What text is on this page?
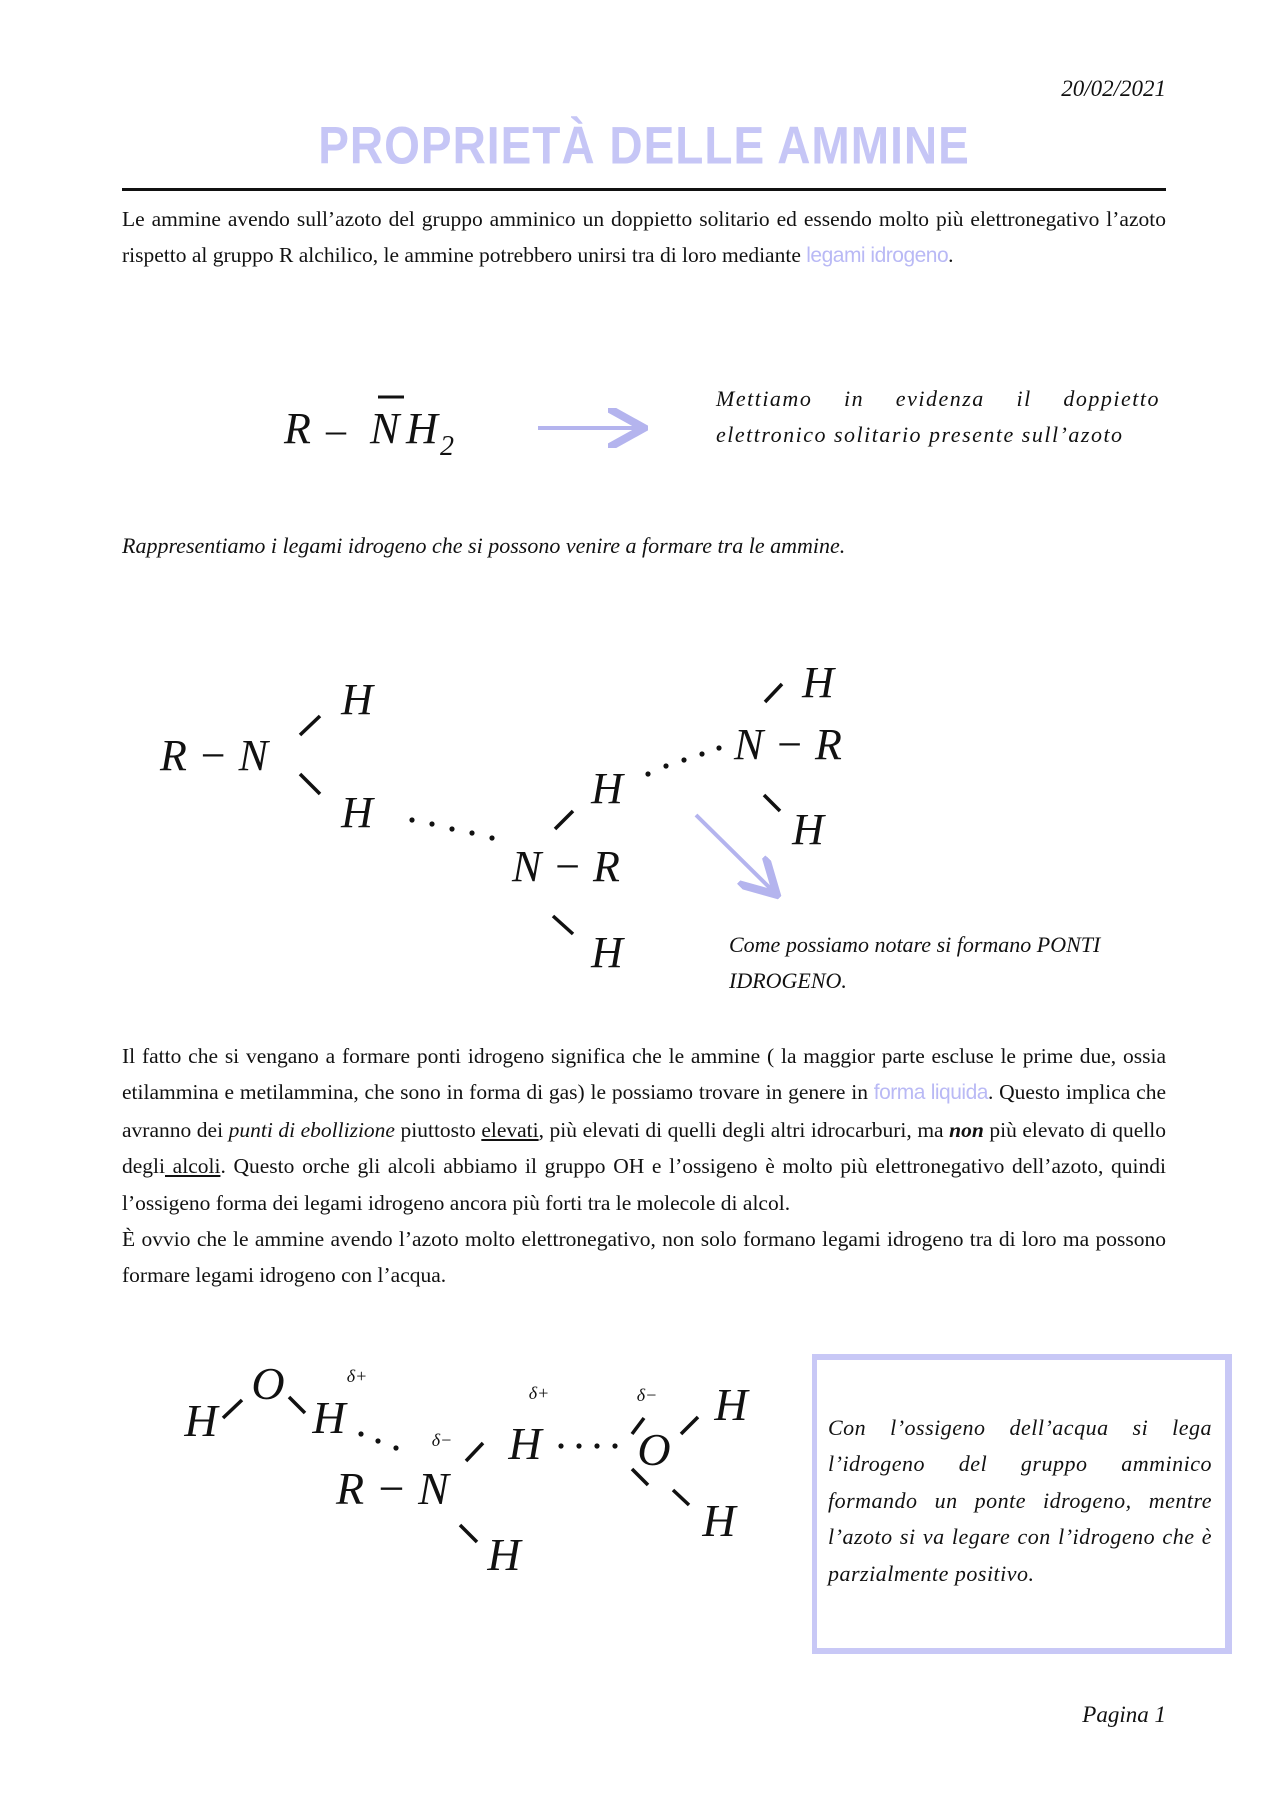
20/02/2021
PROPRIETÀ DELLE AMMINE
Le ammine avendo sull’azoto del gruppo amminico un doppietto solitario ed essendo molto più elettronegativo l’azoto rispetto al gruppo R alchilico, le ammine potrebbero unirsi tra di loro mediante legami idrogeno.
R – N H 2
R − N
H
H
N − R
H
H
N − R
H
H
H
O
H
δ+
δ−
R − N
H
δ+
H
δ−
O
H
H
Mettiamo in evidenza il doppietto elettronico solitario presente sull’azoto
Rappresentiamo i legami idrogeno che si possono venire a formare tra le ammine.
Come possiamo notare si formano PONTI IDROGENO.
Il fatto che si vengano a formare ponti idrogeno significa che le ammine ( la maggior parte escluse le prime due, ossia etilammina e metilammina, che sono in forma di gas) le possiamo trovare in genere in forma liquida. Questo implica che avranno dei punti di ebollizione piuttosto elevati, più elevati di quelli degli altri idrocarburi, ma non più elevato di quello degli alcoli. Questo orche gli alcoli abbiamo il gruppo OH e l’ossigeno è molto più elettronegativo dell’azoto, quindi l’ossigeno forma dei legami idrogeno ancora più forti tra le molecole di alcol.
È ovvio che le ammine avendo l’azoto molto elettronegativo, non solo formano legami idrogeno tra di loro ma possono formare legami idrogeno con l’acqua.
Con l’ossigeno dell’acqua si lega l’idrogeno del gruppo amminico formando un ponte idrogeno, mentre l’azoto si va legare con l’idrogeno che è parzialmente positivo.
Pagina 1
